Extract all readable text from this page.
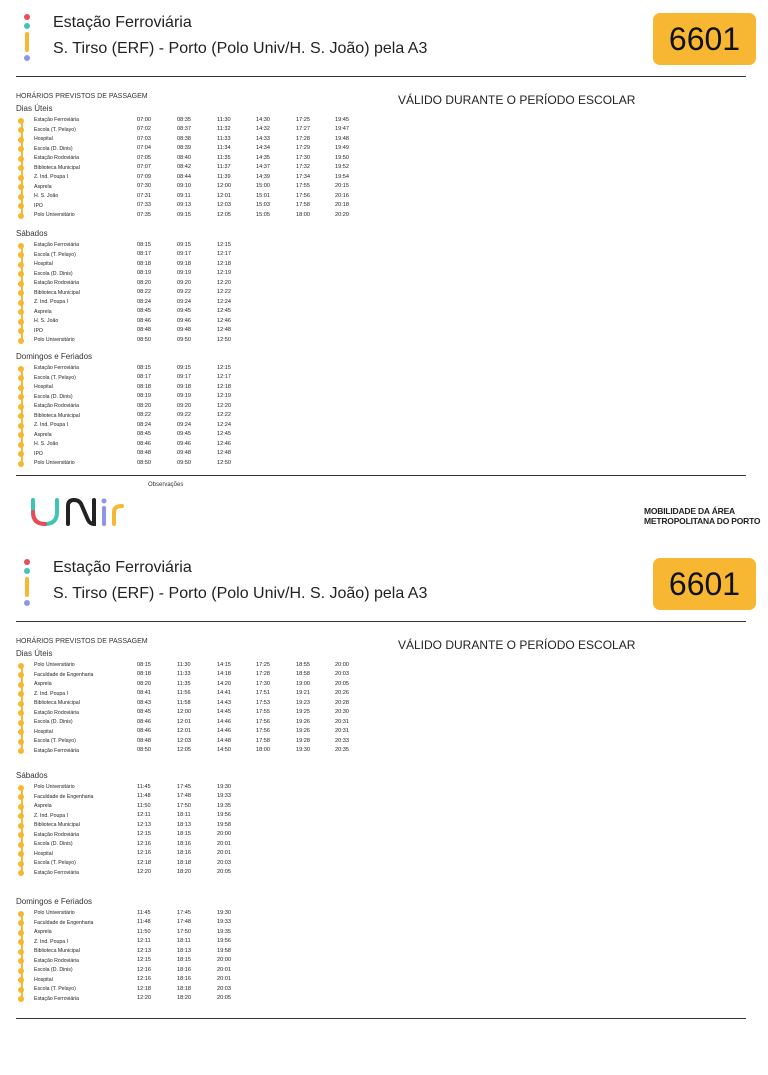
Estação Ferroviária
S. Tirso (ERF) - Porto (Polo Univ/H. S. João) pela A3	6601
HORÁRIOS PREVISTOS DE PASSAGEM	VÁLIDO DURANTE O PERÍODO ESCOLAR
Dias Úteis
Estação Ferroviária	07:00	08:35	11:30	14:30	17:25	19:45
Escola (T. Pelayo)	07:02	08:37	11:32	14:32	17:27	19:47
Hospital	07:03	08:38	11:33	14:33	17:28	19:48
Escola (D. Dinis)	07:04	08:39	11:34	14:34	17:29	19:49
Estação Rodoviária	07:05	08:40	11:35	14:35	17:30	19:50
Biblioteca Municipal	07:07	08:42	11:37	14:37	17:32	19:52
Z. Ind. Poupa I	07:09	08:44	11:39	14:39	17:34	19:54
Asprela	07:30	09:10	12:00	15:00	17:55	20:15
H. S. João	07:31	09:11	12:01	15:01	17:56	20:16
IPO	07:33	09:13	12:03	15:03	17:58	20:18
Polo Universitário	07:35	09:15	12:05	15:05	18:00	20:20
Sábados
Estação Ferroviária	08:15	09:15	12:15
Escola (T. Pelayo)	08:17	09:17	12:17
Hospital	08:18	09:18	12:18
Escola (D. Dinis)	08:19	09:19	12:19
Estação Rodoviária	08:20	09:20	12:20
Biblioteca Municipal	08:22	09:22	12:22
Z. Ind. Poupa I	08:24	09:24	12:24
Asprela	08:45	09:45	12:45
H. S. João	08:46	09:46	12:46
IPO	08:48	09:48	12:48
Polo Universitário	08:50	09:50	12:50
Domingos e Feriados
Estação Ferroviária	08:15	09:15	12:15
Escola (T. Pelayo)	08:17	09:17	12:17
Hospital	08:18	09:18	12:18
Escola (D. Dinis)	08:19	09:19	12:19
Estação Rodoviária	08:20	09:20	12:20
Biblioteca Municipal	08:22	09:22	12:22
Z. Ind. Poupa I	08:24	09:24	12:24
Asprela	08:45	09:45	12:45
H. S. João	08:46	09:46	12:46
IPO	08:48	09:48	12:48
Polo Universitário	08:50	09:50	12:50
Observações
MOBILIDADE DA ÁREA
METROPOLITANA DO PORTO
Estação Ferroviária
S. Tirso (ERF) - Porto (Polo Univ/H. S. João) pela A3	6601
HORÁRIOS PREVISTOS DE PASSAGEM	VÁLIDO DURANTE O PERÍODO ESCOLAR
Dias Úteis
Polo Universitário	08:15	11:30	14:15	17:25	18:55	20:00
Faculdade de Engenharia	08:18	11:33	14:18	17:28	18:58	20:03
Asprela	08:20	11:35	14:20	17:30	19:00	20:05
Z. Ind. Poupa I	08:41	11:56	14:41	17:51	19:21	20:26
Biblioteca Municipal	08:43	11:58	14:43	17:53	19:23	20:28
Estação Rodoviária	08:45	12:00	14:45	17:55	19:25	20:30
Escola (D. Dinis)	08:46	12:01	14:46	17:56	19:26	20:31
Hospital	08:46	12:01	14:46	17:56	19:26	20:31
Escola (T. Pelayo)	08:48	12:03	14:48	17:58	19:28	20:33
Estação Ferroviária	08:50	12:05	14:50	18:00	19:30	20:35
Sábados
Polo Universitário	11:45	17:45	19:30
Faculdade de Engenharia	11:48	17:48	19:33
Asprela	11:50	17:50	19:35
Z. Ind. Poupa I	12:11	18:11	19:56
Biblioteca Municipal	12:13	18:13	19:58
Estação Rodoviária	12:15	18:15	20:00
Escola (D. Dinis)	12:16	18:16	20:01
Hospital	12:16	18:16	20:01
Escola (T. Pelayo)	12:18	18:18	20:03
Estação Ferroviária	12:20	18:20	20:05
Domingos e Feriados
Polo Universitário	11:45	17:45	19:30
Faculdade de Engenharia	11:48	17:48	19:33
Asprela	11:50	17:50	19:35
Z. Ind. Poupa I	12:11	18:11	19:56
Biblioteca Municipal	12:13	18:13	19:58
Estação Rodoviária	12:15	18:15	20:00
Escola (D. Dinis)	12:16	18:16	20:01
Hospital	12:16	18:16	20:01
Escola (T. Pelayo)	12:18	18:18	20:03
Estação Ferroviária	12:20	18:20	20:05
